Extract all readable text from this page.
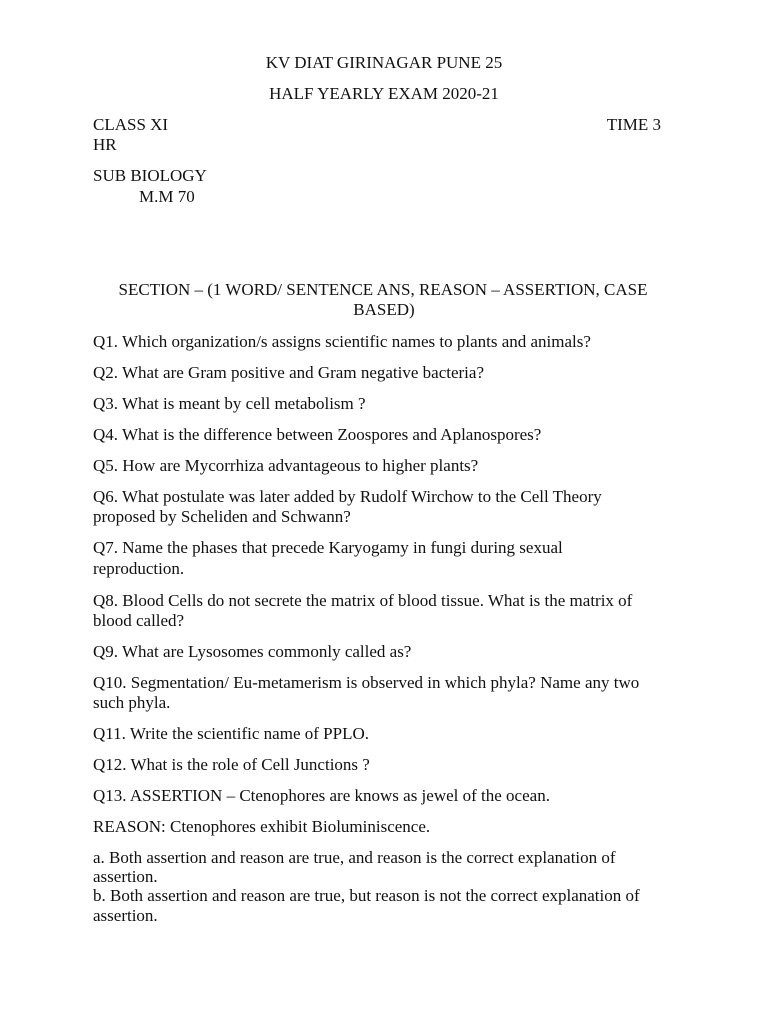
KV DIAT GIRINAGAR PUNE 25
HALF YEARLY EXAM 2020-21
CLASS XI	TIME 3
HR
SUB BIOLOGY
M.M 70
SECTION – (1 WORD/ SENTENCE ANS, REASON – ASSERTION, CASE
BASED)
Q1. Which organization/s assigns scientific names to plants and animals?
Q2. What are Gram positive and Gram negative bacteria?
Q3. What is meant by cell metabolism ?
Q4. What is the difference between Zoospores and Aplanospores?
Q5. How are Mycorrhiza advantageous to higher plants?
Q6. What postulate was later added by Rudolf Wirchow to the Cell Theory
proposed by Scheliden and Schwann?
Q7. Name the phases that precede Karyogamy in fungi during sexual
reproduction.
Q8. Blood Cells do not secrete the matrix of blood tissue. What is the matrix of
blood called?
Q9. What are Lysosomes commonly called as?
Q10. Segmentation/ Eu-metamerism is observed in which phyla? Name any two
such phyla.
Q11. Write the scientific name of PPLO.
Q12. What is the role of Cell Junctions ?
Q13. ASSERTION – Ctenophores are knows as jewel of the ocean.
REASON: Ctenophores exhibit Bioluminiscence.
a. Both assertion and reason are true, and reason is the correct explanation of
assertion.
b. Both assertion and reason are true, but reason is not the correct explanation of
assertion.
